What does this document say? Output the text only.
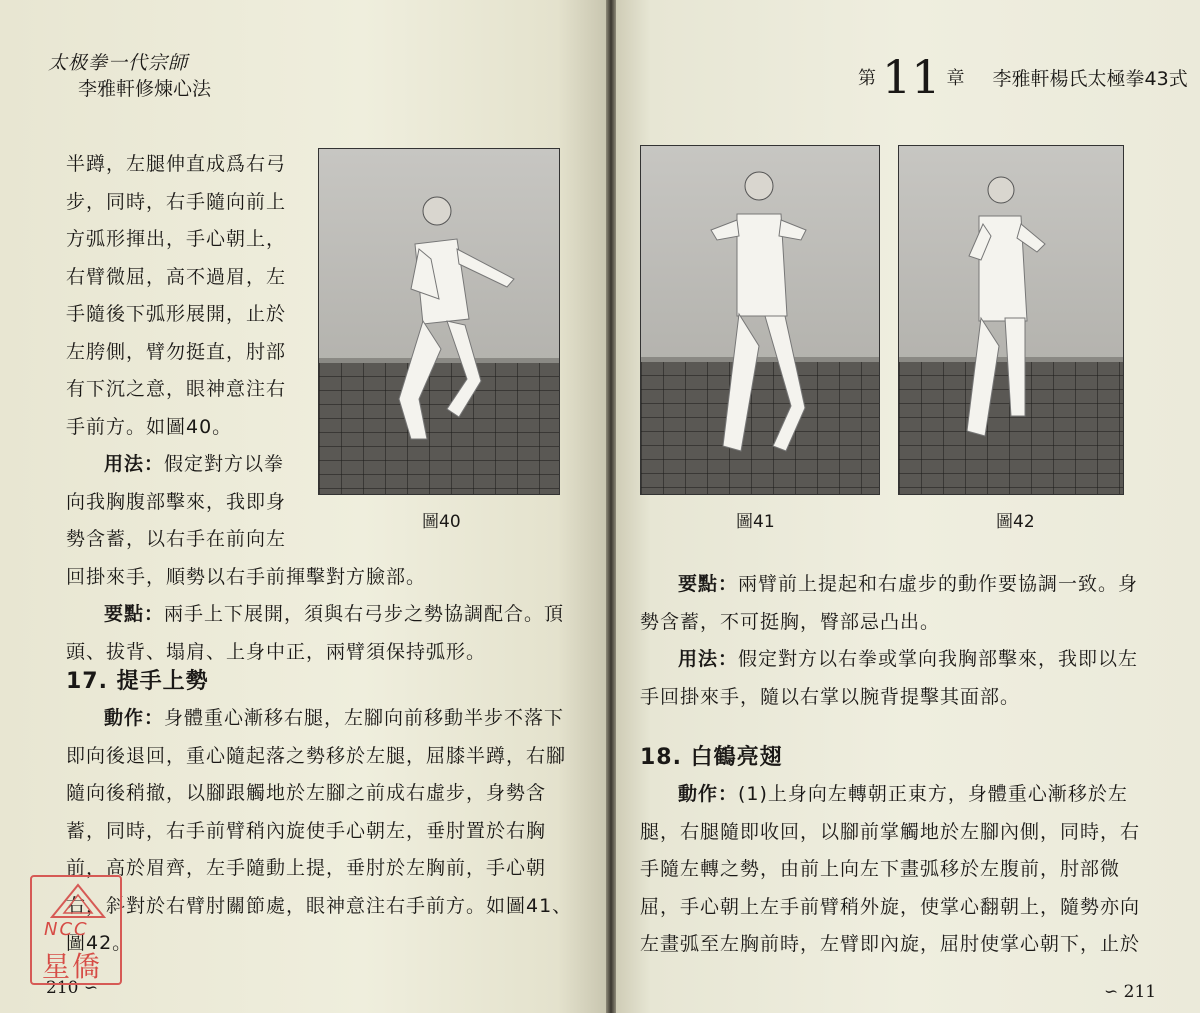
太极拳一代宗師
李雅軒修煉心法
半蹲，左腿伸直成爲右弓
步，同時，右手隨向前上
方弧形揮出，手心朝上，
右臂微屈，高不過眉，左
手隨後下弧形展開，止於
左胯側，臂勿挺直，肘部
有下沉之意，眼神意注右
手前方。如圖40。
用法：假定對方以拳
向我胸腹部擊來，我即身
勢含蓄，以右手在前向左
回掛來手，順勢以右手前揮擊對方臉部。
要點：兩手上下展開，須與右弓步之勢協調配合。頂
頭、拔背、塌肩、上身中正，兩臂須保持弧形。
圖40
17. 提手上勢
動作：身體重心漸移右腿，左腳向前移動半步不落下
即向後退回，重心隨起落之勢移於左腿，屈膝半蹲，右腳
隨向後稍撤，以腳跟觸地於左腳之前成右虛步，身勢含
蓄，同時，右手前臂稍內旋使手心朝左，垂肘置於右胸
前，高於眉齊，左手隨動上提，垂肘於左胸前，手心朝
右，斜對於右臂肘關節處，眼神意注右手前方。如圖41、
圖42。
210 ∽
NCC
星僑
第 11 章 李雅軒楊氏太極拳43式
圖41	圖42
要點：兩臂前上提起和右虛步的動作要協調一致。身
勢含蓄，不可挺胸，臀部忌凸出。
用法：假定對方以右拳或掌向我胸部擊來，我即以左
手回掛來手，隨以右掌以腕背提擊其面部。
18. 白鶴亮翅
動作：(1)上身向左轉朝正東方，身體重心漸移於左
腿，右腿隨即收回，以腳前掌觸地於左腳內側，同時，右
手隨左轉之勢，由前上向左下畫弧移於左腹前，肘部微
屈，手心朝上左手前臂稍外旋，使掌心翻朝上，隨勢亦向
左畫弧至左胸前時，左臂即內旋，屈肘使掌心朝下，止於
∽ 211
